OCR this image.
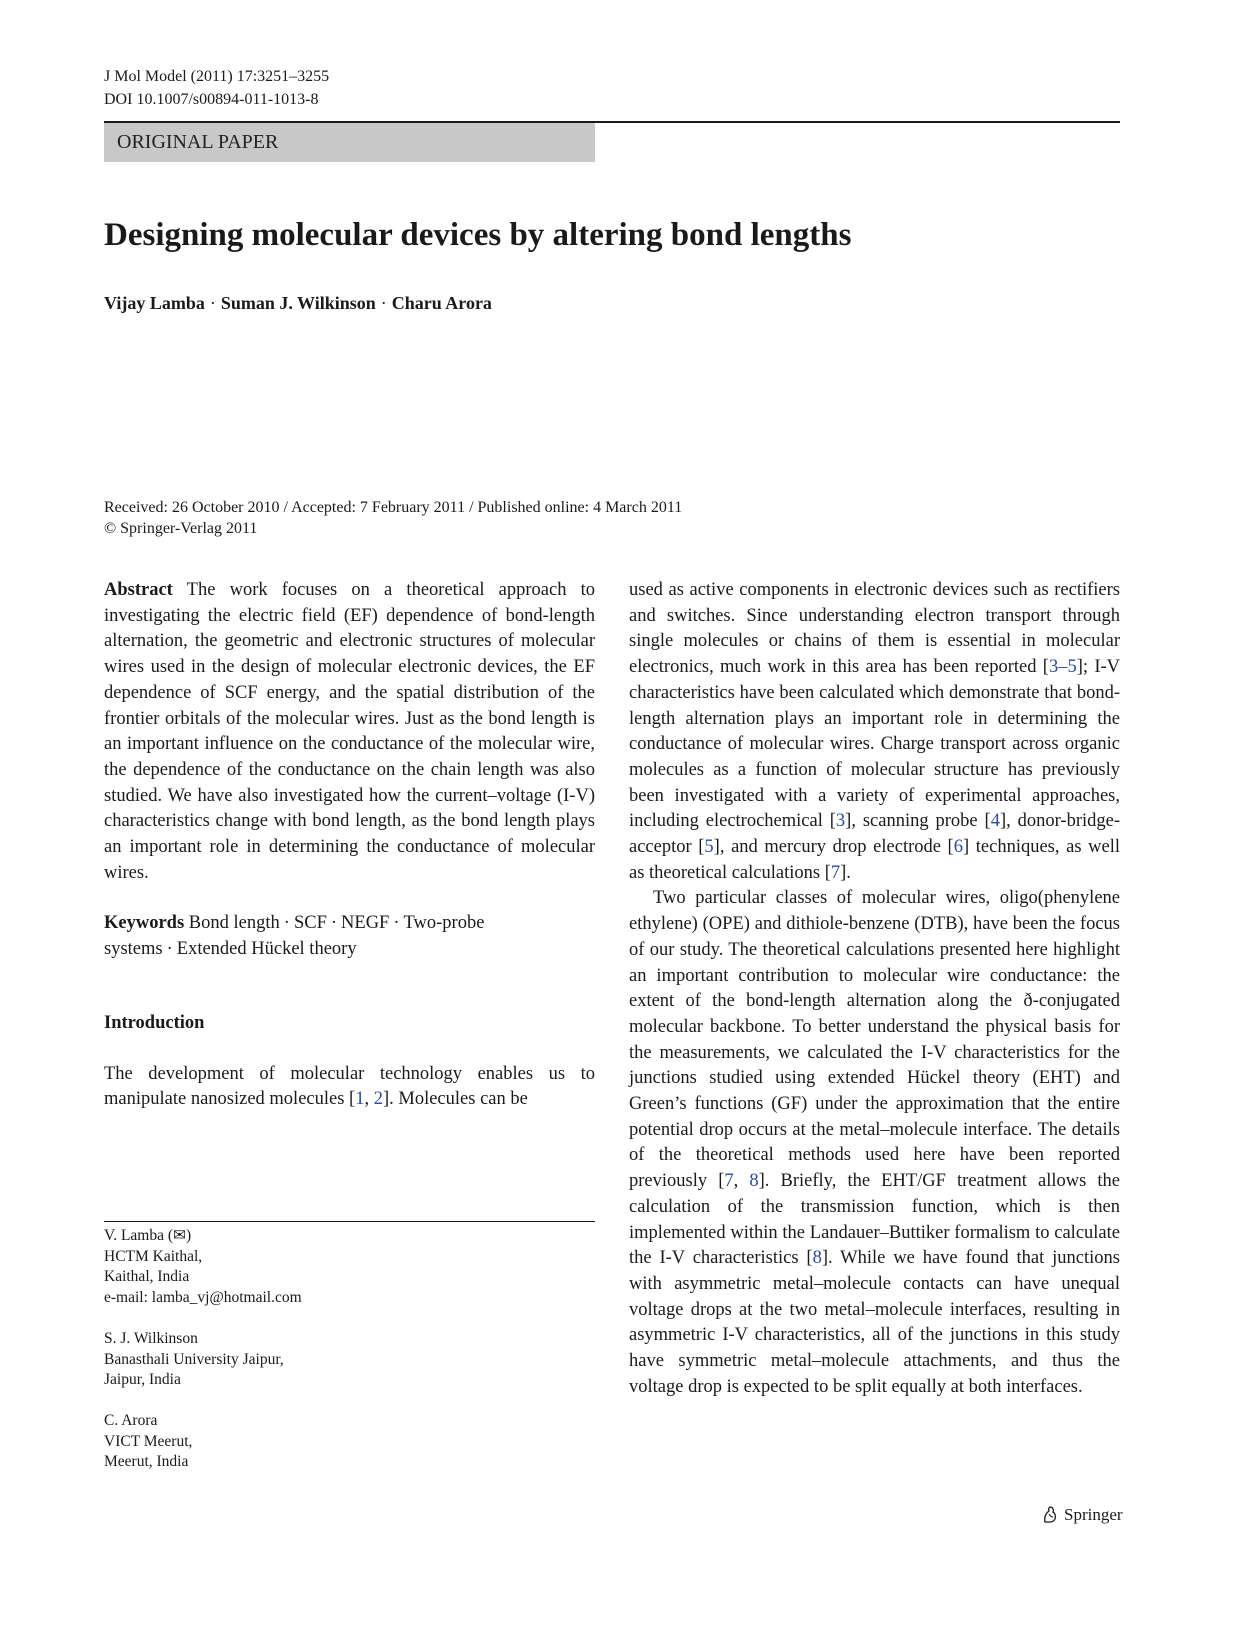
J Mol Model (2011) 17:3251–3255
DOI 10.1007/s00894-011-1013-8
ORIGINAL PAPER
Designing molecular devices by altering bond lengths
Vijay Lamba · Suman J. Wilkinson · Charu Arora
Received: 26 October 2010 / Accepted: 7 February 2011 / Published online: 4 March 2011
© Springer-Verlag 2011

Abstract The work focuses on a theoretical approach to investigating the electric field (EF) dependence of bond-length alternation, the geometric and electronic structures of molecular wires used in the design of molecular electronic devices, the EF dependence of SCF energy, and the spatial distribution of the frontier orbitals of the molecular wires. Just as the bond length is an important influence on the conductance of the molecular wire, the dependence of the conductance on the chain length was also studied. We have also investigated how the current–voltage (I-V) characteristics change with bond length, as the bond length plays an important role in determining the conductance of molecular wires.

Keywords Bond length · SCF · NEGF · Two-probe systems · Extended Hückel theory

Introduction

The development of molecular technology enables us to manipulate nanosized molecules [1, 2]. Molecules can be

V. Lamba (✉)
HCTM Kaithal,
Kaithal, India
e-mail: lamba_vj@hotmail.com
S. J. Wilkinson
Banasthali University Jaipur,
Jaipur, India
C. Arora
VICT Meerut,
Meerut, India

used as active components in electronic devices such as rectifiers and switches. Since understanding electron transport through single molecules or chains of them is essential in molecular electronics, much work in this area has been reported [3–5]; I-V characteristics have been calculated which demonstrate that bond-length alternation plays an important role in determining the conductance of molecular wires. Charge transport across organic molecules as a function of molecular structure has previously been investigated with a variety of experimental approaches, including electrochemical [3], scanning probe [4], donor-bridge-acceptor [5], and mercury drop electrode [6] techniques, as well as theoretical calculations [7].

Two particular classes of molecular wires, oligo(phenylene ethylene) (OPE) and dithiole-benzene (DTB), have been the focus of our study. The theoretical calculations presented here highlight an important contribution to molecular wire conductance: the extent of the bond-length alternation along the ð-conjugated molecular backbone. To better understand the physical basis for the measurements, we calculated the I-V characteristics for the junctions studied using extended Hückel theory (EHT) and Green’s functions (GF) under the approximation that the entire potential drop occurs at the metal–molecule interface. The details of the theoretical methods used here have been reported previously [7, 8]. Briefly, the EHT/GF treatment allows the calculation of the transmission function, which is then implemented within the Landauer–Buttiker formalism to calculate the I-V characteristics [8]. While we have found that junctions with asymmetric metal–molecule contacts can have unequal voltage drops at the two metal–molecule interfaces, resulting in asymmetric I-V characteristics, all of the junctions in this study have symmetric metal–molecule attachments, and thus the voltage drop is expected to be split equally at both interfaces.

Springer
